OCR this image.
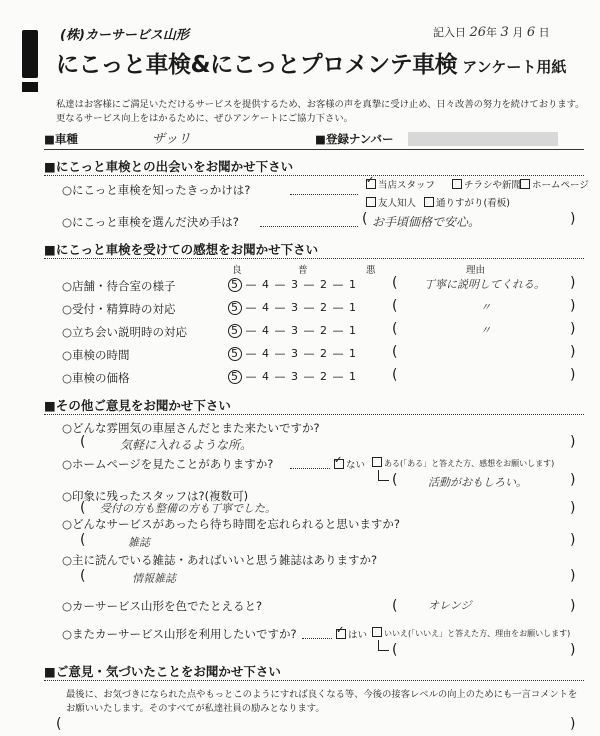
(株)カーサービス山形	記入日 26年 3 月 6 日
にこっと車検&にこっとプロメンテ車検 アンケート用紙
私達はお客様にご満足いただけるサービスを提供するため、お客様の声を真摯に受け止め、日々改善の努力を続けております。
更なるサービス向上をはかるために、ぜひアンケートにご協力下さい。
■車種	ザッリ	■登録ナンバー
■にこっと車検との出会いをお聞かせ下さい
○にこっと車検を知ったきっかけは? ✓	当店スタッフ	チラシや新聞	ホームページ
友人知人	通りすがり(看板)
○にこっと車検を選んだ決め手は?	( お手頃価格で安心。	)
■にこっと車検を受けての感想をお聞かせ下さい
良	普	悪	理由
○店舗・待合室の様子	5 — 4 — 3 — 2 — 1	( 丁寧に説明してくれる。 )
○受付・精算時の対応	5 — 4 — 3 — 2 — 1	(	〃	)
○立ち会い説明時の対応	5 — 4 — 3 — 2 — 1	(	〃	)
○車検の時間	5 — 4 — 3 — 2 — 1	(	)
○車検の価格	5 — 4 — 3 — 2 — 1	(	)
■その他ご意見をお聞かせ下さい
○どんな雰囲気の車屋さんだとまた来たいですか?
(	気軽に入れるような所。	)
○ホームページを見たことがありますか? ✓	ない	ある(「ある」と答えた方、感想をお願いします)
(	活動がおもしろい。	)
○印象に残ったスタッフは?(複数可)
( 受付の方も整備の方も丁寧でした。	)
○どんなサービスがあったら待ち時間を忘れられると思いますか?
(	雑誌	)
○主に読んでいる雑誌・あればいいと思う雑誌はありますか?
(	情報雑誌	)
○カーサービス山形を色でたとえると?	(	オレンジ	)
○またカーサービス山形を利用したいですか? ✓	はい	いいえ(「いいえ」と答えた方、理由をお願いします)
(	)
■ご意見・気づいたことをお聞かせ下さい
最後に、お気づきになられた点やもっとこのようにすれば良くなる等、今後の接客レベルの向上のためにも一言コメントを
お願いいたします。そのすべてが私達社員の励みとなります。
(	)
